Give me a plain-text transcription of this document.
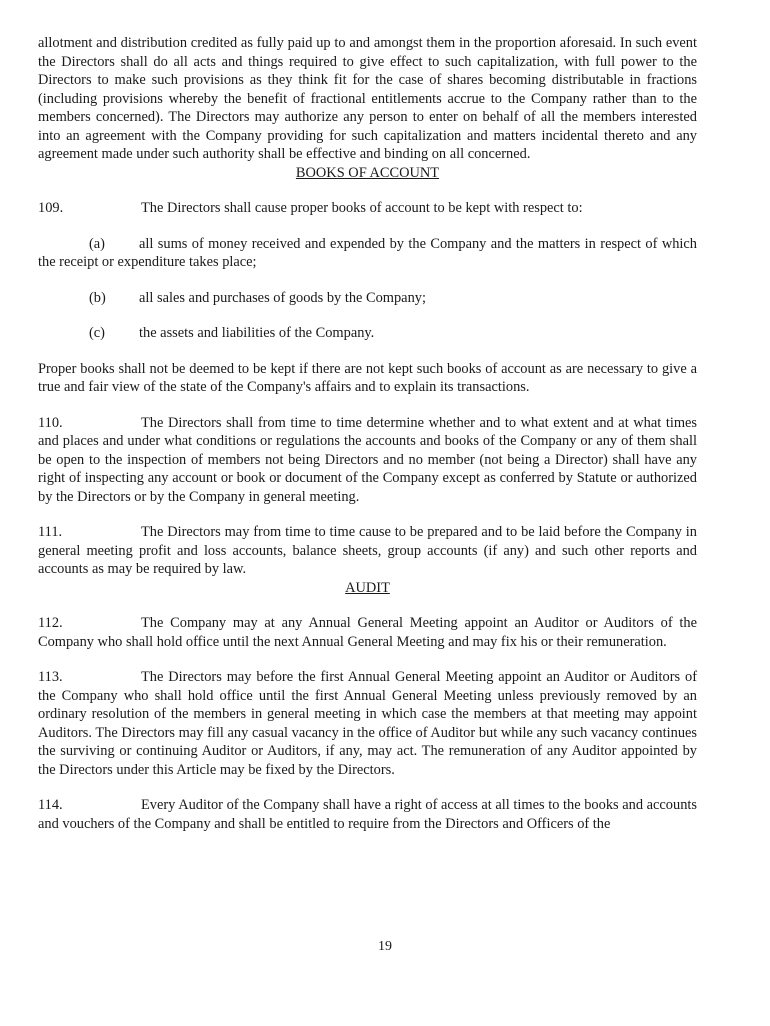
allotment and distribution credited as fully paid up to and amongst them in the proportion aforesaid. In such event the Directors shall do all acts and things required to give effect to such capitalization, with full power to the Directors to make such provisions as they think fit for the case of shares becoming distributable in fractions (including provisions whereby the benefit of fractional entitlements accrue to the Company rather than to the members concerned). The Directors may authorize any person to enter on behalf of all the members interested into an agreement with the Company providing for such capitalization and matters incidental thereto and any agreement made under such authority shall be effective and binding on all concerned.

BOOKS OF ACCOUNT

109.	The Directors shall cause proper books of account to be kept with respect to:

(a) all sums of money received and expended by the Company and the matters in respect of which the receipt or expenditure takes place;

(b) all sales and purchases of goods by the Company;

(c) the assets and liabilities of the Company.

Proper books shall not be deemed to be kept if there are not kept such books of account as are necessary to give a true and fair view of the state of the Company's affairs and to explain its transactions.

110.	The Directors shall from time to time determine whether and to what extent and at what times and places and under what conditions or regulations the accounts and books of the Company or any of them shall be open to the inspection of members not being Directors and no member (not being a Director) shall have any right of inspecting any account or book or document of the Company except as conferred by Statute or authorized by the Directors or by the Company in general meeting.

111.	The Directors may from time to time cause to be prepared and to be laid before the Company in general meeting profit and loss accounts, balance sheets, group accounts (if any) and such other reports and accounts as may be required by law.

AUDIT

112.	The Company may at any Annual General Meeting appoint an Auditor or Auditors of the Company who shall hold office until the next Annual General Meeting and may fix his or their remuneration.

113.	The Directors may before the first Annual General Meeting appoint an Auditor or Auditors of the Company who shall hold office until the first Annual General Meeting unless previously removed by an ordinary resolution of the members in general meeting in which case the members at that meeting may appoint Auditors. The Directors may fill any casual vacancy in the office of Auditor but while any such vacancy continues the surviving or continuing Auditor or Auditors, if any, may act. The remuneration of any Auditor appointed by the Directors under this Article may be fixed by the Directors.

114.	Every Auditor of the Company shall have a right of access at all times to the books and accounts and vouchers of the Company and shall be entitled to require from the Directors and Officers of the

19
